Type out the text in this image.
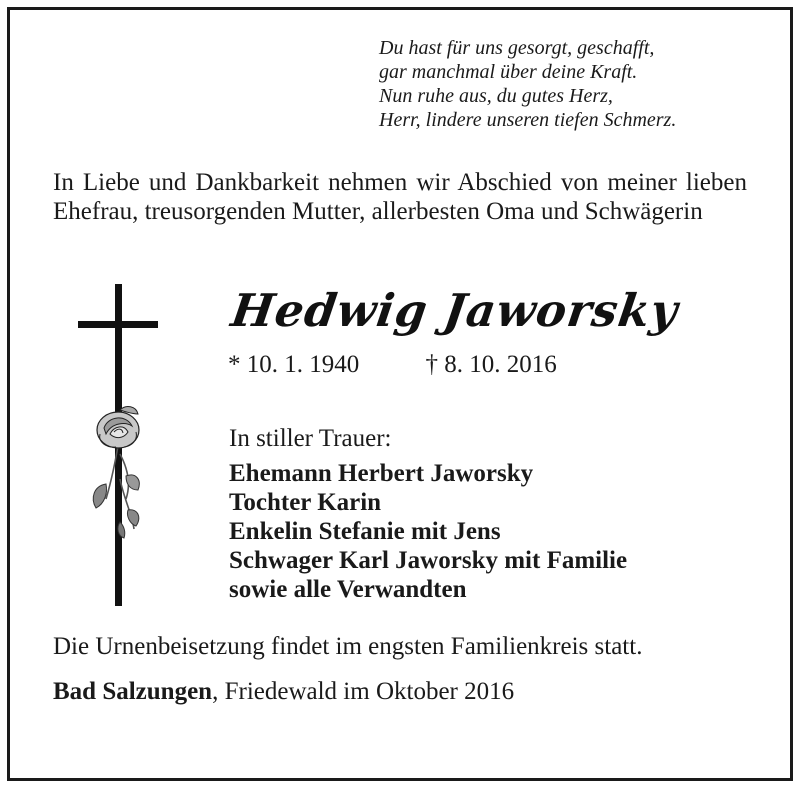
Du hast für uns gesorgt, geschafft,
gar manchmal über deine Kraft.
Nun ruhe aus, du gutes Herz,
Herr, lindere unseren tiefen Schmerz.
In Liebe und Dankbarkeit nehmen wir Abschied von meiner lieben Ehefrau, treusorgenden Mutter, allerbesten Oma und Schwägerin
Hedwig Jaworsky
* 10. 1. 1940	† 8. 10. 2016
In stiller Trauer:
Ehemann Herbert Jaworsky
Tochter Karin
Enkelin Stefanie mit Jens
Schwager Karl Jaworsky mit Familie
sowie alle Verwandten
Die Urnenbeisetzung findet im engsten Familienkreis statt.
Bad Salzungen, Friedewald im Oktober 2016
